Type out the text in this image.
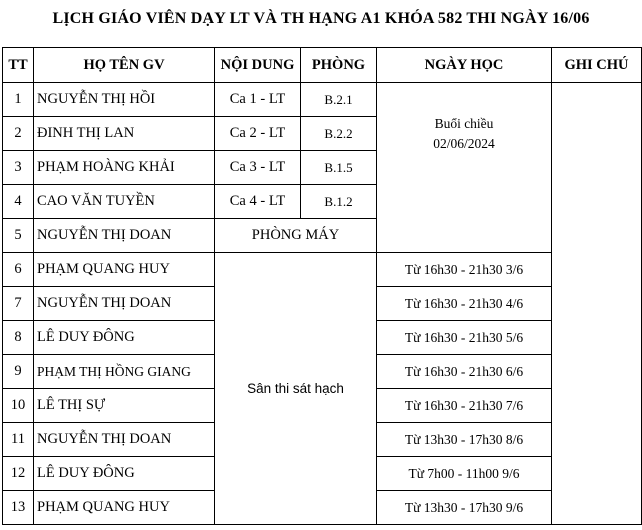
LỊCH GIÁO VIÊN DẠY LT VÀ TH HẠNG A1 KHÓA 582 THI NGÀY 16/06
TT	HỌ TÊN GV	NỘI DUNG	PHÒNG	NGÀY HỌC	GHI CHÚ
1	NGUYỄN THỊ HỒI	Ca 1 - LT	B.2.1	Buổi chiều
02/06/2024	

2	ĐINH THỊ LAN	Ca 2 - LT	B.2.2		
3	PHẠM HOÀNG KHẢI	Ca 3 - LT	B.1.5		
4	CAO VĂN TUYỀN	Ca 4 - LT	B.1.2		
5	NGUYỄN THỊ DOAN	PHÒNG MÁY			
6	PHẠM QUANG HUY	Sân thi sát hạch		Từ 16h30 - 21h30 3/6	
7	NGUYỄN THỊ DOAN			Từ 16h30 - 21h30 4/6	
8	LÊ DUY ĐÔNG			Từ 16h30 - 21h30 5/6	
9	PHẠM THỊ HỒNG GIANG			Từ 16h30 - 21h30 6/6	
10	LÊ THỊ SỰ			Từ 16h30 - 21h30 7/6	
11	NGUYỄN THỊ DOAN			Từ 13h30 - 17h30 8/6	
12	LÊ DUY ĐÔNG			Từ 7h00 - 11h00 9/6	
13	PHẠM QUANG HUY			Từ 13h30 - 17h30 9/6	
